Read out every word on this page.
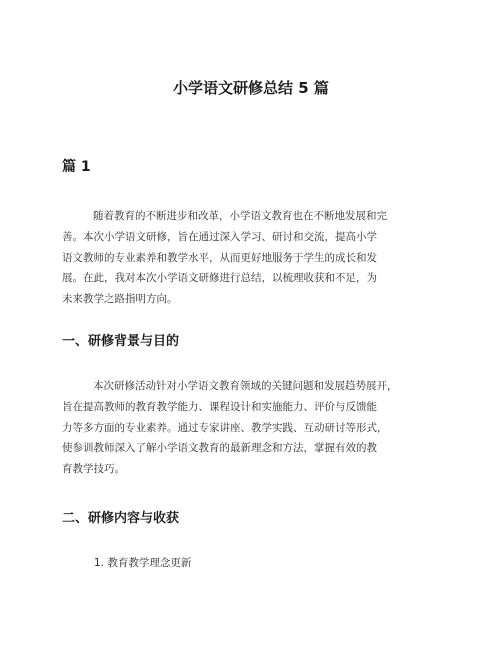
小学语文研修总结 5 篇
篇 1

随着教育的不断进步和改革，小学语文教育也在不断地发展和完
善。本次小学语文研修，旨在通过深入学习、研讨和交流，提高小学
语文教师的专业素养和教学水平，从而更好地服务于学生的成长和发
展。在此，我对本次小学语文研修进行总结，以梳理收获和不足，为
未来教学之路指明方向。

一、研修背景与目的

本次研修活动针对小学语文教育领域的关键问题和发展趋势展开，
旨在提高教师的教育教学能力、课程设计和实施能力、评价与反馈能
力等多方面的专业素养。通过专家讲座、教学实践、互动研讨等形式，
使参训教师深入了解小学语文教育的最新理念和方法，掌握有效的教
育教学技巧。

二、研修内容与收获

1. 教育教学理念更新
